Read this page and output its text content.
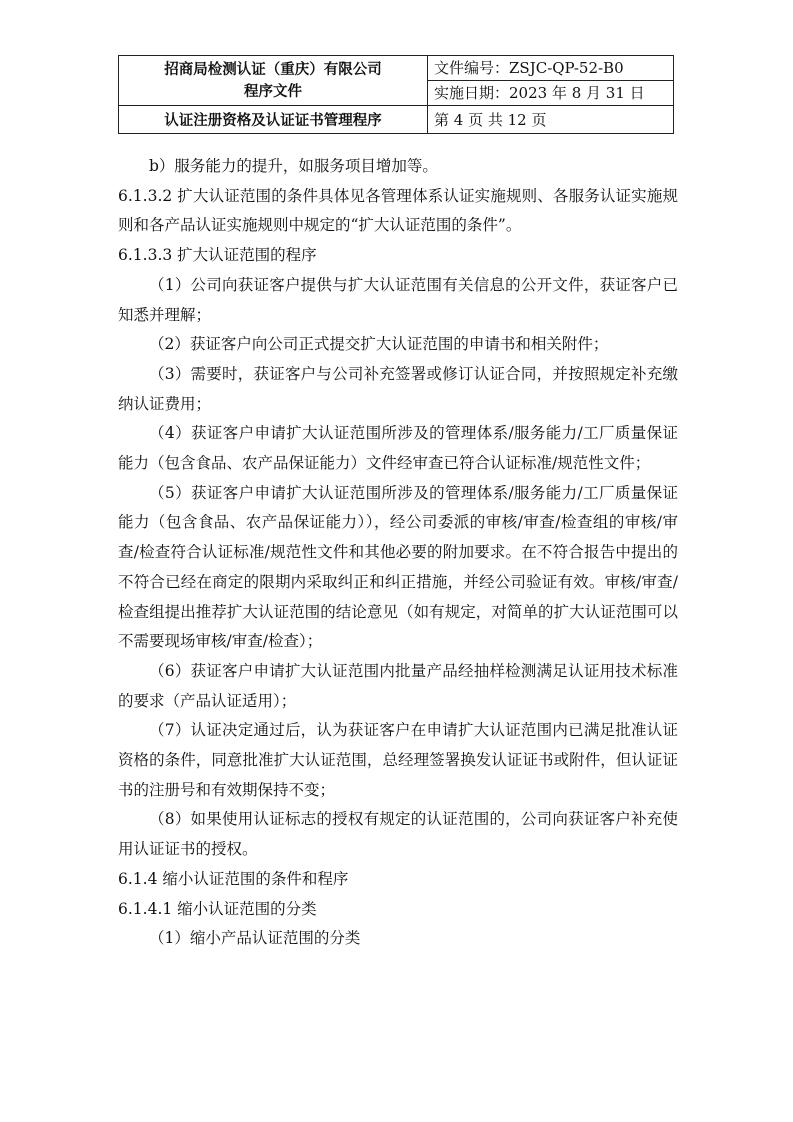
招商局检测认证（重庆）有限公司
程序文件	文件编号：ZSJC-QP-52-B0
	实施日期：2023 年 8 月 31 日
认证注册资格及认证证书管理程序	第 4 页 共 12 页

b）服务能力的提升，如服务项目增加等。

6.1.3.2 扩大认证范围的条件具体见各管理体系认证实施规则、各服务认证实施规则和各产品认证实施规则中规定的“扩大认证范围的条件”。

6.1.3.3 扩大认证范围的程序

（1）公司向获证客户提供与扩大认证范围有关信息的公开文件，获证客户已知悉并理解；

（2）获证客户向公司正式提交扩大认证范围的申请书和相关附件；

（3）需要时，获证客户与公司补充签署或修订认证合同，并按照规定补充缴纳认证费用；

（4）获证客户申请扩大认证范围所涉及的管理体系/服务能力/工厂质量保证能力（包含食品、农产品保证能力）文件经审查已符合认证标准/规范性文件；

（5）获证客户申请扩大认证范围所涉及的管理体系/服务能力/工厂质量保证能力（包含食品、农产品保证能力）），经公司委派的审核/审查/检查组的审核/审查/检查符合认证标准/规范性文件和其他必要的附加要求。在不符合报告中提出的不符合已经在商定的限期内采取纠正和纠正措施，并经公司验证有效。审核/审查/检查组提出推荐扩大认证范围的结论意见（如有规定，对简单的扩大认证范围可以不需要现场审核/审查/检查）；

（6）获证客户申请扩大认证范围内批量产品经抽样检测满足认证用技术标准的要求（产品认证适用）；

（7）认证决定通过后，认为获证客户在申请扩大认证范围内已满足批准认证资格的条件，同意批准扩大认证范围，总经理签署换发认证证书或附件，但认证证书的注册号和有效期保持不变；

（8）如果使用认证标志的授权有规定的认证范围的，公司向获证客户补充使用认证证书的授权。

6.1.4 缩小认证范围的条件和程序

6.1.4.1 缩小认证范围的分类

（1）缩小产品认证范围的分类
